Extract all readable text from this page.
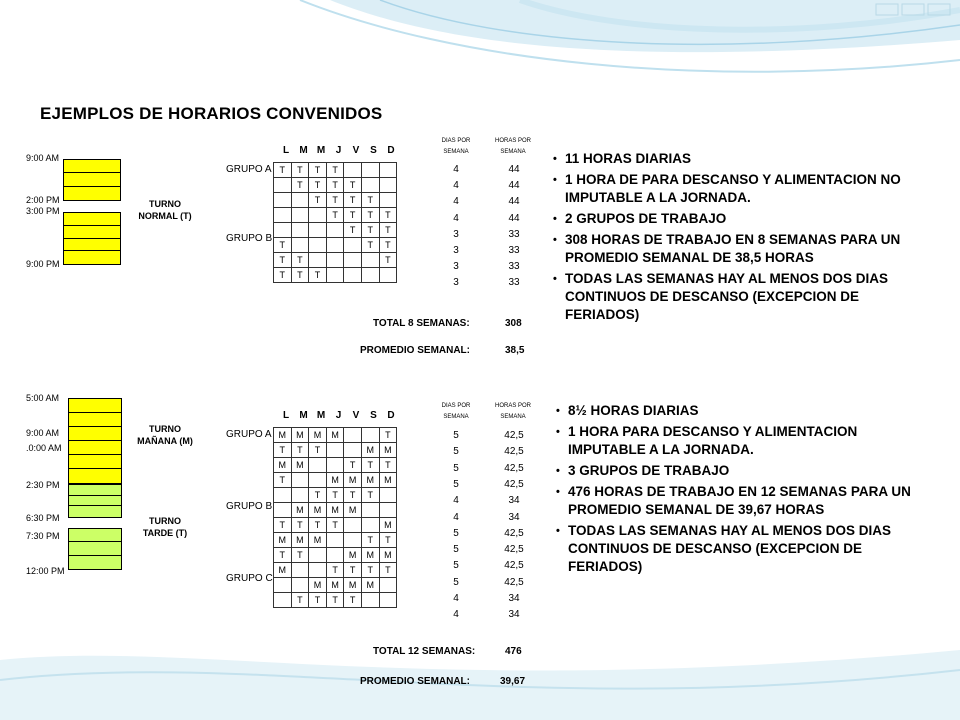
EJEMPLOS DE HORARIOS CONVENIDOS
9:00 AM
2:00 PM
3:00 PM
9:00 PM
TURNO
NORMAL (T)
L	M M	J	V	S	D
GRUPO A
GRUPO B
T	T	T	T			
	T	T	T	T		
		T	T	T	T	
			T	T	T	T
				T	T	T
T					T	T
T	T					T
T	T	T				
DIAS POR
SEMANA
HORAS POR
SEMANA
4	44
4	44
4	44
4	44
3	33
3	33
3	33
3	33
TOTAL 8 SEMANAS:	308
PROMEDIO SEMANAL:	38,5
• 11 HORAS DIARIAS
• 1 HORA DE PARA DESCANSO Y ALIMENTACION NO IMPUTABLE A LA JORNADA.
• 2 GRUPOS DE TRABAJO
• 308 HORAS DE TRABAJO EN 8 SEMANAS PARA UN PROMEDIO SEMANAL DE 38,5 HORAS
• TODAS LAS SEMANAS HAY AL MENOS DOS DIAS CONTINUOS DE DESCANSO (EXCEPCION DE FERIADOS)
5:00 AM
9:00 AM
.0:00 AM
2:30 PM
6:30 PM
7:30 PM
12:00 PM
TURNO
MAÑANA (M)
TURNO
TARDE (T)
L	M M	J	V	S	D
GRUPO A
GRUPO B
GRUPO C
M	M	M	M			T
T	T	T			M	M
M	M			T	T	T
T			M	M	M	M
		T	T	T	T	
	M	M	M	M		
T	T	T	T			M
M	M	M			T	T
T	T			M	M	M
M			T	T	T	T
		M	M	M	M	
	T	T	T	T		
DIAS POR
SEMANA
HORAS POR
SEMANA
5	42,5
5	42,5
5	42,5
5	42,5
4	34
4	34
5	42,5
5	42,5
5	42,5
5	42,5
4	34
4	34
TOTAL 12 SEMANAS:	476
PROMEDIO SEMANAL:	39,67
• 8½ HORAS DIARIAS
• 1 HORA PARA DESCANSO Y ALIMENTACION IMPUTABLE A LA JORNADA.
• 3 GRUPOS DE TRABAJO
• 476 HORAS DE TRABAJO EN 12 SEMANAS PARA UN PROMEDIO SEMANAL DE 39,67 HORAS
• TODAS LAS SEMANAS HAY AL MENOS DOS DIAS CONTINUOS DE DESCANSO (EXCEPCION DE FERIADOS)
